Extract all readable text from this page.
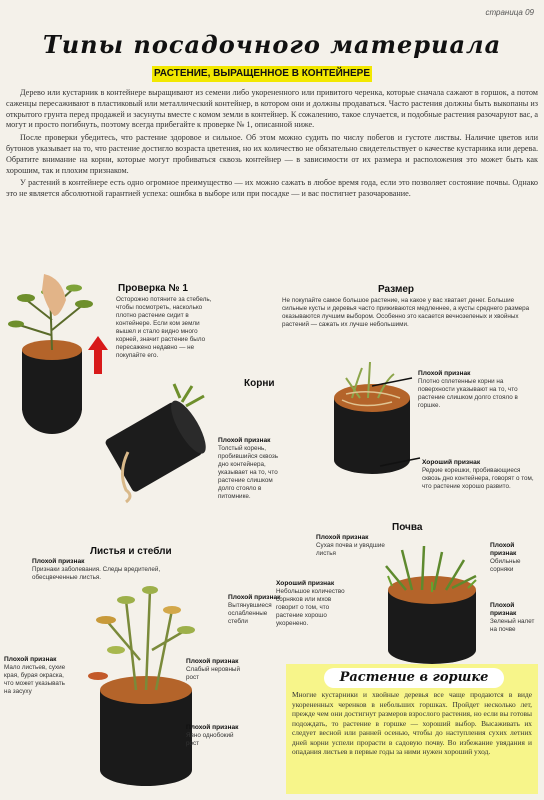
страница 09
Типы посадочного материала
РАСТЕНИЕ, ВЫРАЩЕННОЕ В КОНТЕЙНЕРЕ

Дерево или кустарник в контейнере выращивают из семени либо укорененного или привитого черенка, которые сначала сажают в горшок, а потом саженцы пересаживают в пластиковый или металлический контейнер, в котором они и должны продаваться. Часто растения должны быть выкопаны из открытого грунта перед продажей и засунуты вместе с комом земли в контейнер. К сожалению, такое случается, и подобные растения разочаруют вас, а могут и просто погибнуть, поэтому всегда прибегайте к проверке № 1, описанной ниже.

После проверки убедитесь, что растение здоровое и сильное. Об этом можно судить по числу побегов и густоте листвы. Наличие цветов или бутонов указывает на то, что растение достигло возраста цветения, но их количество не обязательно свидетельствует о качестве кустарника или дерева. Обратите внимание на корни, которые могут пробиваться сквозь контейнер — в зависимости от их размера и расположения это может быть как хорошим, так и плохим признаком.

У растений в контейнере есть одно огромное преимущество — их можно сажать в любое время года, если это позволяет состояние почвы. Однако это не является абсолютной гарантией успеха: ошибка в выборе или при посадке — и вас постигнет разочарование.

Проверка № 1
Осторожно потяните за стебель, чтобы посмотреть, насколько плотно растение сидит в контейнере. Если ком земли вышел и стало видно много корней, значит растение было пересажено недавно — не покупайте его.
Размер
Не покупайте самое большое растение, на какое у вас хватает денег. Большие сильные кусты и деревья часто приживаются медленнее, а кусты среднего размера оказываются лучшим выбором. Особенно это касается вечнозеленых и хвойных растений — сажать их лучше небольшими.
Корни
Плохой признак
Толстый корень, пробившийся сквозь дно контейнера, указывает на то, что растение слишком долго стояло в питомнике.
Плохой признак
Плотно сплетенные корни на поверхности указывают на то, что растение слишком долго стояло в горшке.
Хороший признак
Редкие корешки, пробивающиеся сквозь дно контейнера, говорят о том, что растение хорошо развито.
Листья и стебли
Плохой признак
Признаки заболевания. Следы вредителей, обесцвеченные листья.
Плохой признак
Вытянувшиеся ослабленные стебли
Плохой признак
Слабый неровный рост
Плохой признак
Мало листьев, сухие края, бурая окраска, что может указывать на засуху
Плохой признак
Явно однобокий рост
Почва
Плохой признак
Сухая почва и увядшие листья
Плохой признак
Обильные сорняки
Хороший признак
Небольшое количество сорняков или мхов говорит о том, что растение хорошо укоренено.
Плохой признак
Зеленый налет на почве
Растение в горшке
Многие кустарники и хвойные деревья все чаще продаются в виде укорененных черенков в небольших горшках. Пройдет несколько лет, прежде чем они достигнут размеров взрослого растения, но если вы готовы подождать, то растение в горшке — хороший выбор. Высаживать их следует весной или ранней осенью, чтобы до наступления сухих летних дней корни успели прорасти в садовую почву. Во избежание увядания и опадания листьев в первые годы за ними нужен хороший уход.
